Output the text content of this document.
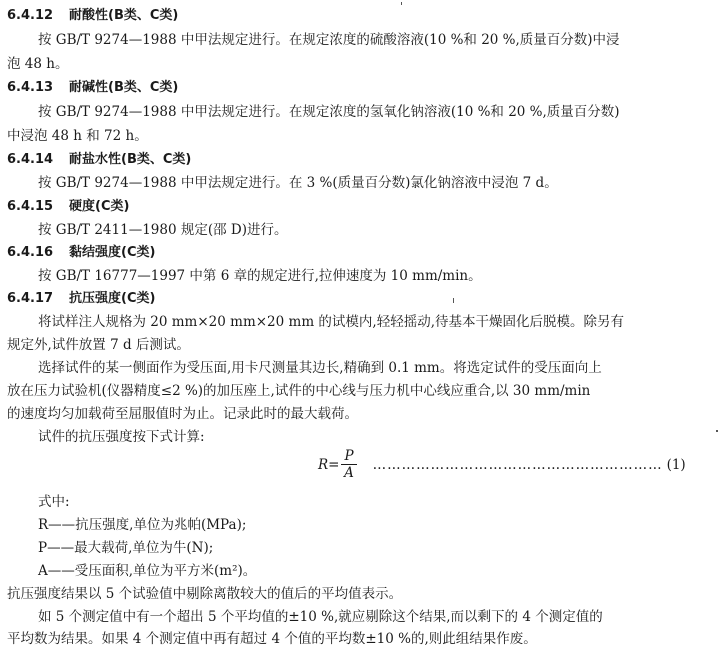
6.4.12 耐酸性(B类、C类)
按 GB/T 9274—1988 中甲法规定进行。在规定浓度的硫酸溶液(10 %和 20 %,质量百分数)中浸
泡 48 h。
6.4.13 耐碱性(B类、C类)
按 GB/T 9274—1988 中甲法规定进行。在规定浓度的氢氧化钠溶液(10 %和 20 %,质量百分数)
中浸泡 48 h 和 72 h。
6.4.14 耐盐水性(B类、C类)
按 GB/T 9274—1988 中甲法规定进行。在 3 %(质量百分数)氯化钠溶液中浸泡 7 d。
6.4.15 硬度(C类)
按 GB/T 2411—1980 规定(邵 D)进行。
6.4.16 黏结强度(C类)
按 GB/T 16777—1997 中第 6 章的规定进行,拉伸速度为 10 mm/min。
6.4.17 抗压强度(C类)
将试样注人规格为 20 mm×20 mm×20 mm 的试模内,轻轻摇动,待基本干燥固化后脱模。除另有
规定外,试件放置 7 d 后测试。
选择试件的某一侧面作为受压面,用卡尺测量其边长,精确到 0.1 mm。将选定试件的受压面向上
放在压力试验机(仪器精度≤2 %)的加压座上,试件的中心线与压力机中心线应重合,以 30 mm/min
的速度均匀加载荷至屈服值时为止。记录此时的最大载荷。
试件的抗压强度按下式计算:
$R = \frac{P}{A}$ …………………………………………………… (1)
式中:
R——抗压强度,单位为兆帕(MPa);
P——最大载荷,单位为牛(N);
A——受压面积,单位为平方米(m²)。
抗压强度结果以 5 个试验值中剔除离散较大的值后的平均值表示。
如 5 个测定值中有一个超出 5 个平均值的±10 %,就应剔除这个结果,而以剩下的 4 个测定值的
平均数为结果。如果 4 个测定值中再有超过 4 个值的平均数±10 %的,则此组结果作废。
